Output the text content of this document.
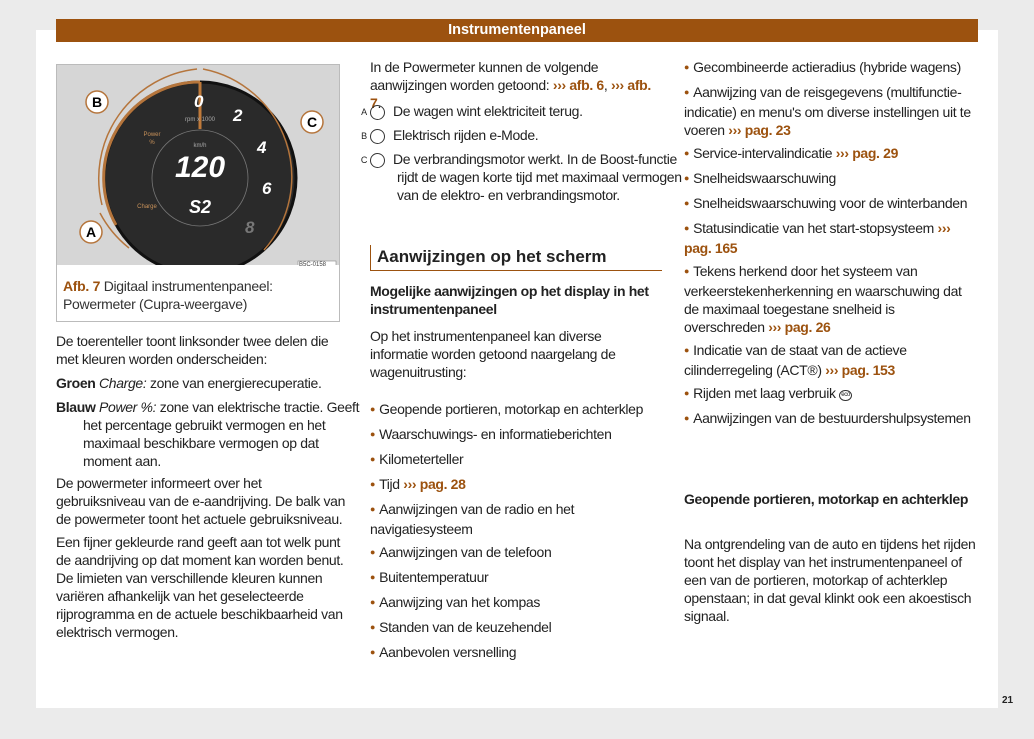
Instrumentenpaneel
0
2
4
6
8
120
S2
rpm x 1000
km/h
Power
%
Charge
B
C
A
B5C-0158
Afb. 7 Digitaal instrumentenpaneel: Powermeter (Cupra-weergave)
De toerenteller toont linksonder twee delen die met kleuren worden onderscheiden:
Groen Charge: zone van energierecuperatie.
Blauw Power %: zone van elektrische tractie. Geeft het percentage gebruikt vermogen en het maximaal beschikbare vermogen op dat moment aan.
De powermeter informeert over het gebruiksniveau van de e-aandrijving. De balk van de powermeter toont het actuele gebruiksniveau.
Een fijner gekleurde rand geeft aan tot welk punt de aandrijving op dat moment kan worden benut. De limieten van verschillende kleuren kunnen variëren afhankelijk van het geselecteerde rijprogramma en de actuele beschikbaarheid van elektrisch vermogen.
In de Powermeter kunnen de volgende aanwijzingen worden getoond: ››› afb. 6, ››› afb. 7.
A De wagen wint elektriciteit terug.
B Elektrisch rijden e-Mode.
C De verbrandingsmotor werkt. In de Boost-functie rijdt de wagen korte tijd met maximaal vermogen van de elektro- en verbrandingsmotor.
Aanwijzingen op het scherm
Mogelijke aanwijzingen op het display in het instrumentenpaneel
Op het instrumentenpaneel kan diverse informatie worden getoond naargelang de wagenuitrusting:
● Geopende portieren, motorkap en achterklep
● Waarschuwings- en informatieberichten
● Kilometerteller
● Tijd ››› pag. 28
● Aanwijzingen van de radio en het navigatiesysteem
● Aanwijzingen van de telefoon
● Buitentemperatuur
● Aanwijzing van het kompas
● Standen van de keuzehendel
● Aanbevolen versnelling
● Gecombineerde actieradius (hybride wagens)
● Aanwijzing van de reisgegevens (multifunctie-indicatie) en menu's om diverse instellingen uit te voeren ››› pag. 23
● Service-intervalindicatie ››› pag. 29
● Snelheidswaarschuwing
● Snelheidswaarschuwing voor de winterbanden
● Statusindicatie van het start-stopsysteem ››› pag. 165
● Tekens herkend door het systeem van verkeerstekenherkenning en waarschuwing dat de maximaal toegestane snelheid is overschreden ››› pag. 26
● Indicatie van de staat van de actieve cilinderregeling (ACT®) ››› pag. 153
● Rijden met laag verbruik eco
● Aanwijzingen van de bestuurdershulpsystemen
Geopende portieren, motorkap en achterklep
Na ontgrendeling van de auto en tijdens het rijden toont het display van het instrumentenpaneel of een van de portieren, motorkap of achterklep openstaan; in dat geval klinkt ook een akoestisch signaal.
21
